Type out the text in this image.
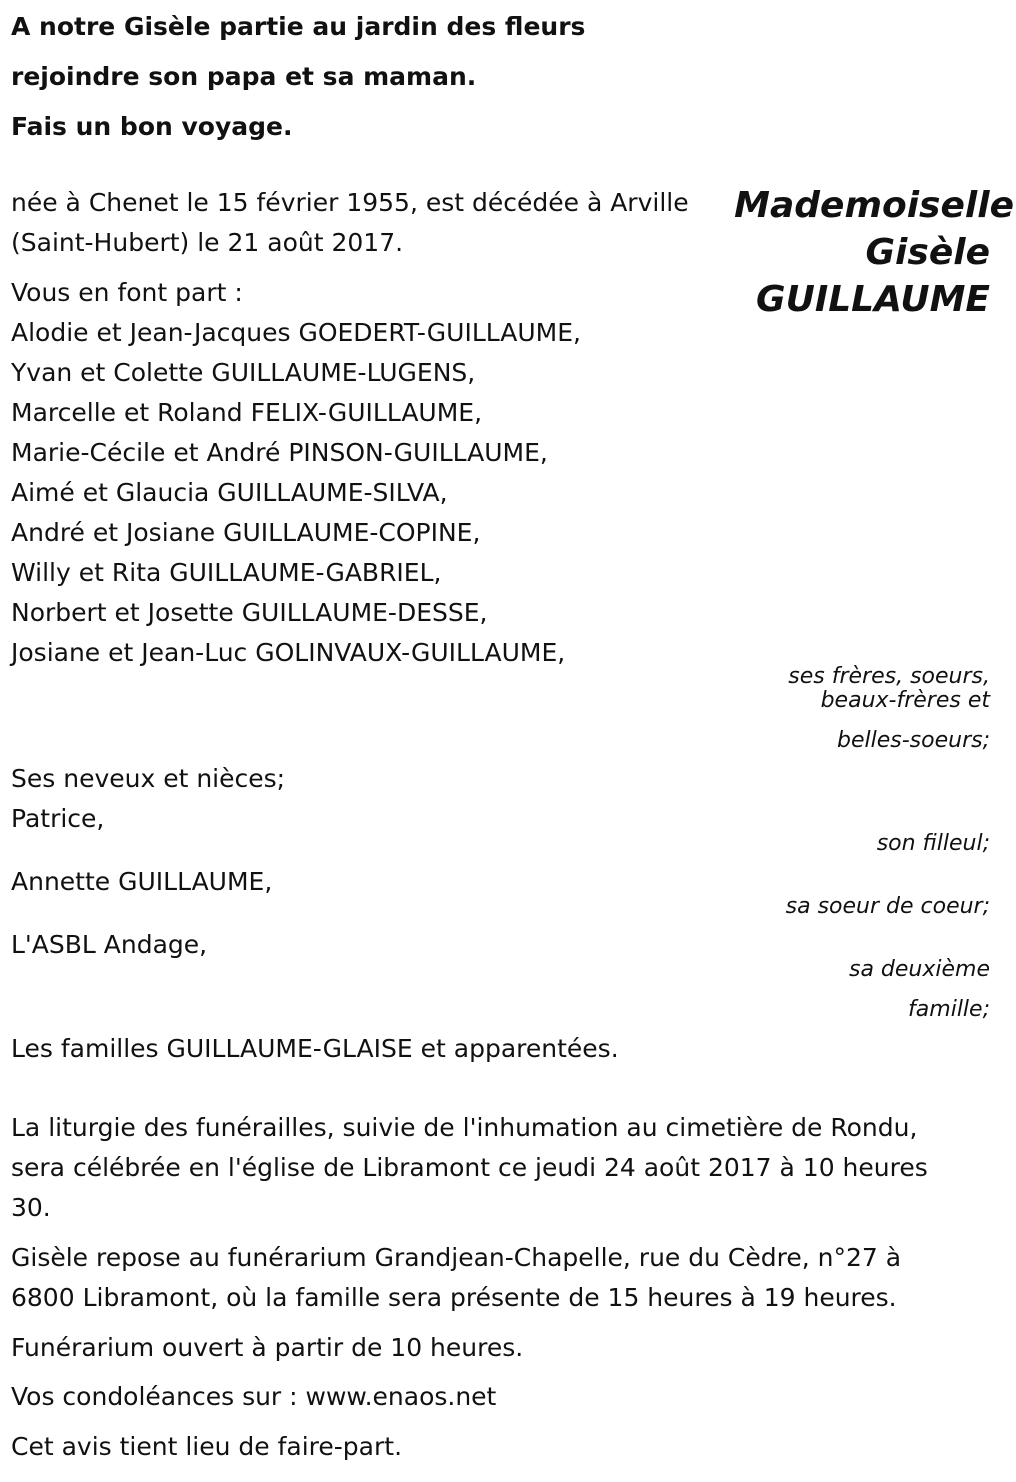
A notre Gisèle partie au jardin des fleurs
rejoindre son papa et sa maman.
Fais un bon voyage.
Mademoiselle
Gisèle
GUILLAUME
née à Chenet le 15 février 1955, est décédée à Arville
(Saint-Hubert) le 21 août 2017.
Vous en font part :
Alodie et Jean-Jacques GOEDERT-GUILLAUME,
Yvan et Colette GUILLAUME-LUGENS,
Marcelle et Roland FELIX-GUILLAUME,
Marie-Cécile et André PINSON-GUILLAUME,
Aimé et Glaucia GUILLAUME-SILVA,
André et Josiane GUILLAUME-COPINE,
Willy et Rita GUILLAUME-GABRIEL,
Norbert et Josette GUILLAUME-DESSE,
Josiane et Jean-Luc GOLINVAUX-GUILLAUME,
ses frères, soeurs,
beaux-frères et
belles-soeurs;
Ses neveux et nièces;
Patrice,
son filleul;
Annette GUILLAUME,
sa soeur de coeur;
L'ASBL Andage,
sa deuxième
famille;
Les familles GUILLAUME-GLAISE et apparentées.
La liturgie des funérailles, suivie de l'inhumation au cimetière de Rondu,
sera célébrée en l'église de Libramont ce jeudi 24 août 2017 à 10 heures
30.
Gisèle repose au funérarium Grandjean-Chapelle, rue du Cèdre, n°27 à
6800 Libramont, où la famille sera présente de 15 heures à 19 heures.
Funérarium ouvert à partir de 10 heures.
Vos condoléances sur : www.enaos.net
Cet avis tient lieu de faire-part.
